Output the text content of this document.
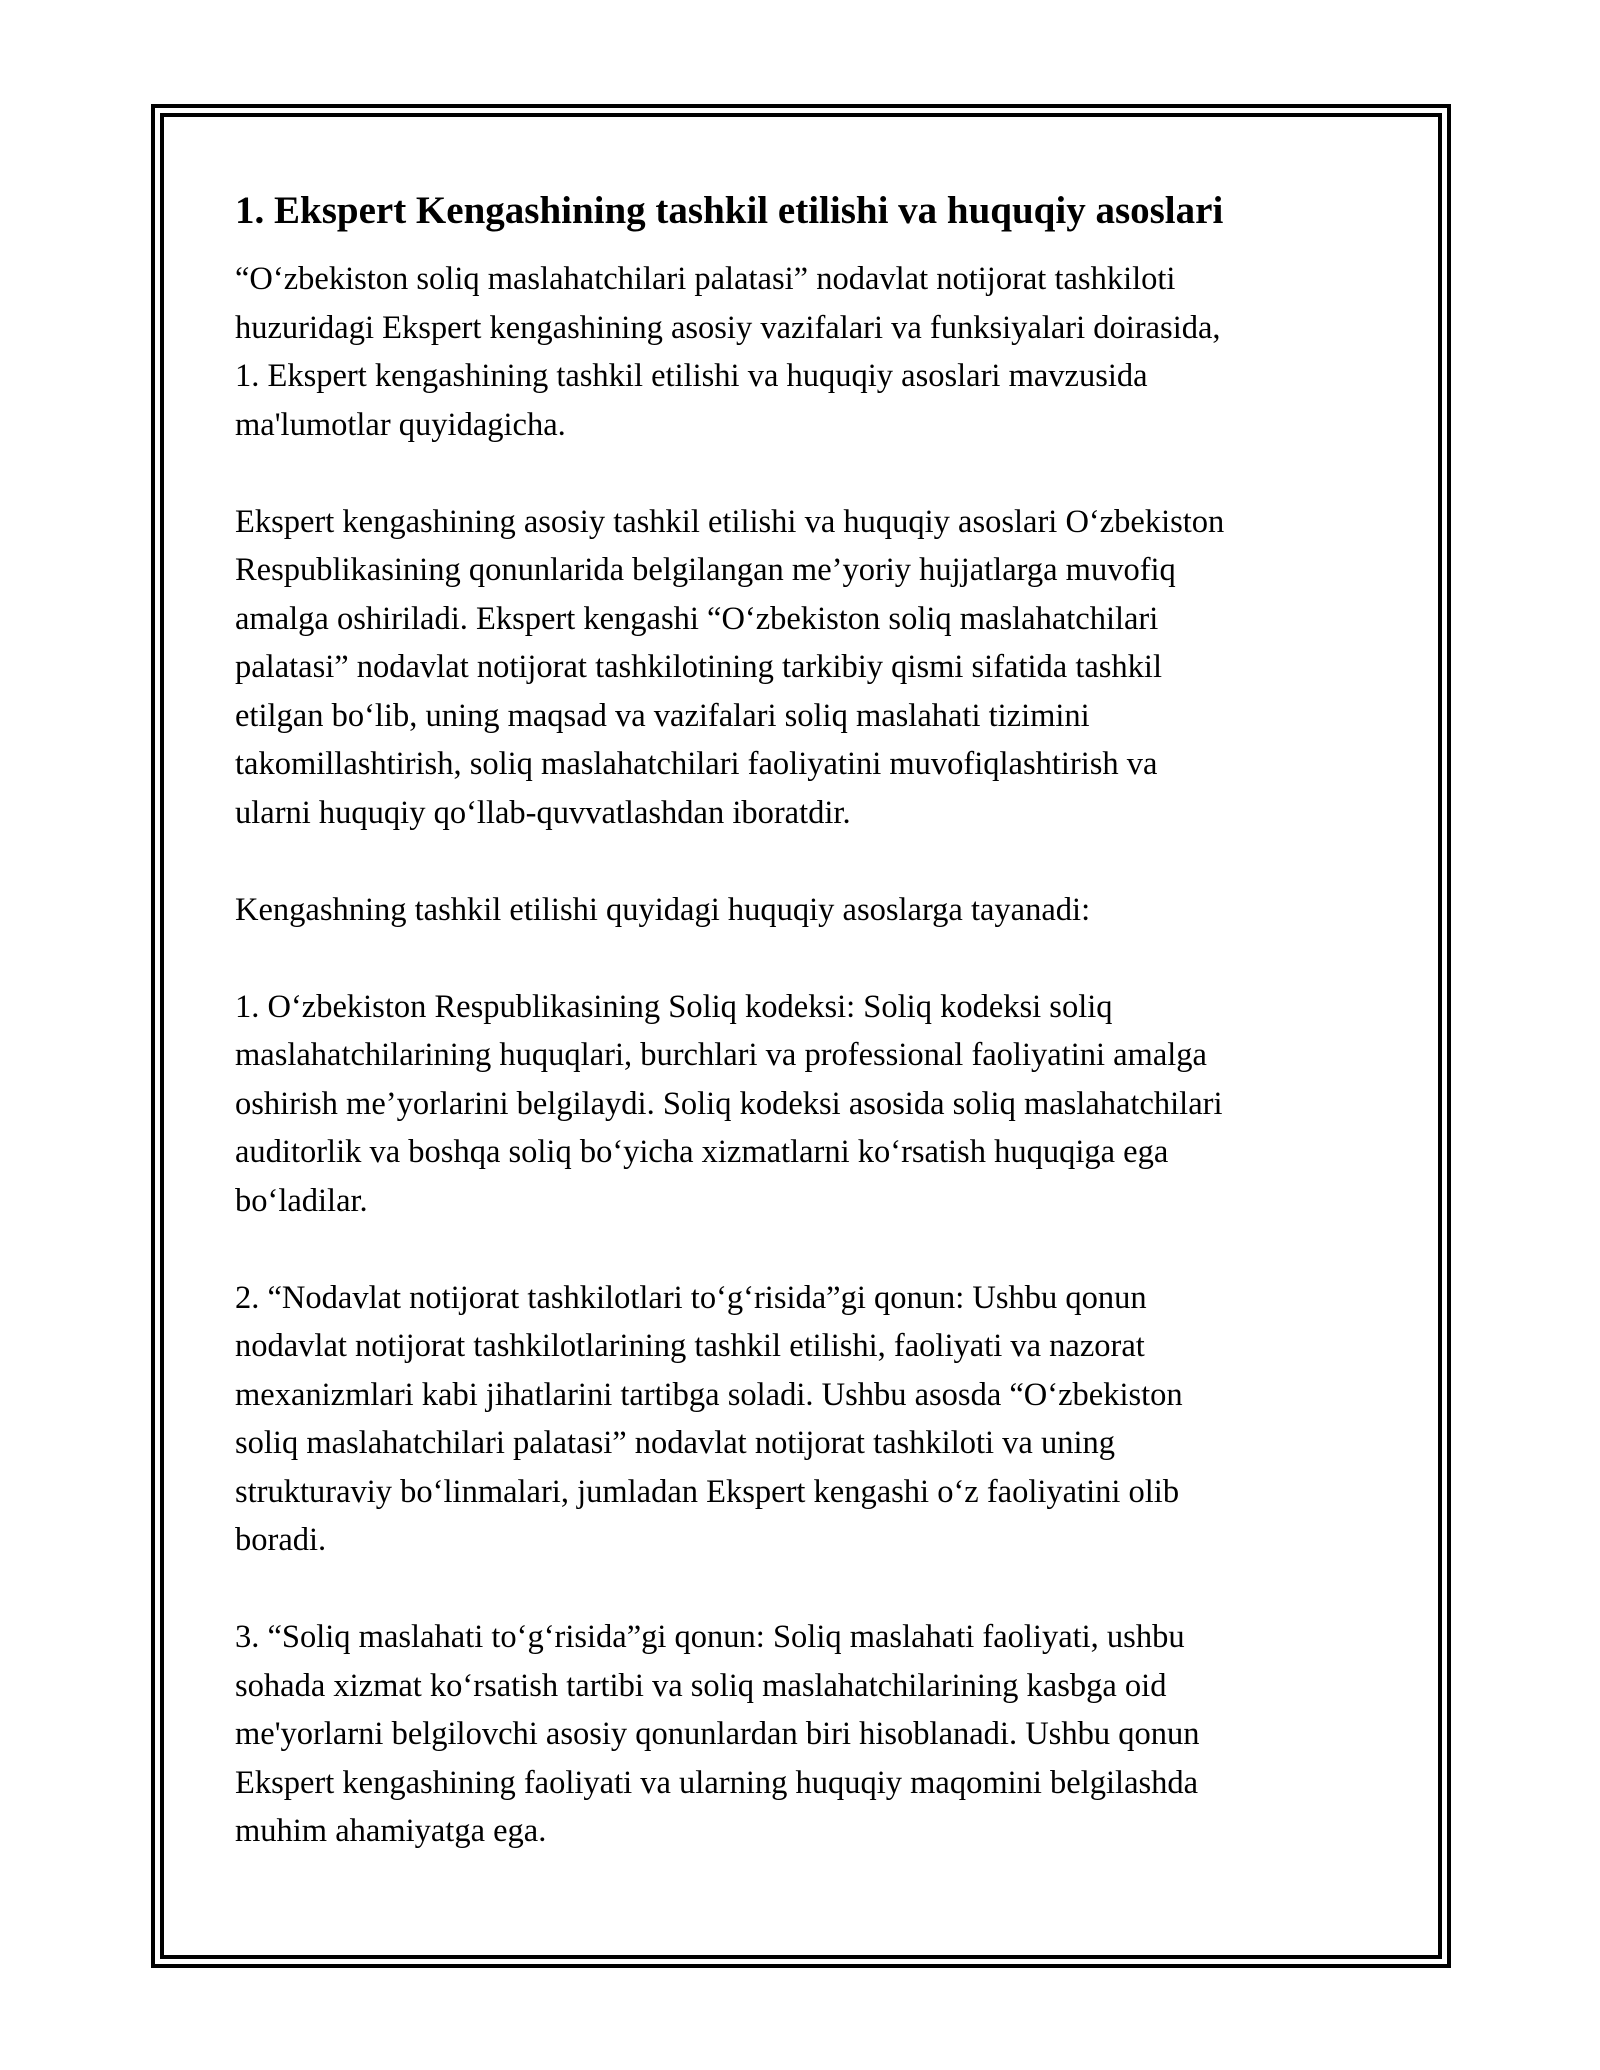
1. Ekspert Kengashining tashkil etilishi va huquqiy asoslari

“O‘zbekiston soliq maslahatchilari palatasi” nodavlat notijorat tashkiloti
huzuridagi Ekspert kengashining asosiy vazifalari va funksiyalari doirasida,
1. Ekspert kengashining tashkil etilishi va huquqiy asoslari mavzusida
ma'lumotlar quyidagicha.

Ekspert kengashining asosiy tashkil etilishi va huquqiy asoslari O‘zbekiston
Respublikasining qonunlarida belgilangan me’yoriy hujjatlarga muvofiq
amalga oshiriladi. Ekspert kengashi “O‘zbekiston soliq maslahatchilari
palatasi” nodavlat notijorat tashkilotining tarkibiy qismi sifatida tashkil
etilgan bo‘lib, uning maqsad va vazifalari soliq maslahati tizimini
takomillashtirish, soliq maslahatchilari faoliyatini muvofiqlashtirish va
ularni huquqiy qo‘llab-quvvatlashdan iboratdir.

Kengashning tashkil etilishi quyidagi huquqiy asoslarga tayanadi:

1. O‘zbekiston Respublikasining Soliq kodeksi: Soliq kodeksi soliq
maslahatchilarining huquqlari, burchlari va professional faoliyatini amalga
oshirish me’yorlarini belgilaydi. Soliq kodeksi asosida soliq maslahatchilari
auditorlik va boshqa soliq bo‘yicha xizmatlarni ko‘rsatish huquqiga ega
bo‘ladilar.

2. “Nodavlat notijorat tashkilotlari to‘g‘risida”gi qonun: Ushbu qonun
nodavlat notijorat tashkilotlarining tashkil etilishi, faoliyati va nazorat
mexanizmlari kabi jihatlarini tartibga soladi. Ushbu asosda “O‘zbekiston
soliq maslahatchilari palatasi” nodavlat notijorat tashkiloti va uning
strukturaviy bo‘linmalari, jumladan Ekspert kengashi o‘z faoliyatini olib
boradi.

3. “Soliq maslahati to‘g‘risida”gi qonun: Soliq maslahati faoliyati, ushbu
sohada xizmat ko‘rsatish tartibi va soliq maslahatchilarining kasbga oid
me'yorlarni belgilovchi asosiy qonunlardan biri hisoblanadi. Ushbu qonun
Ekspert kengashining faoliyati va ularning huquqiy maqomini belgilashda
muhim ahamiyatga ega.
